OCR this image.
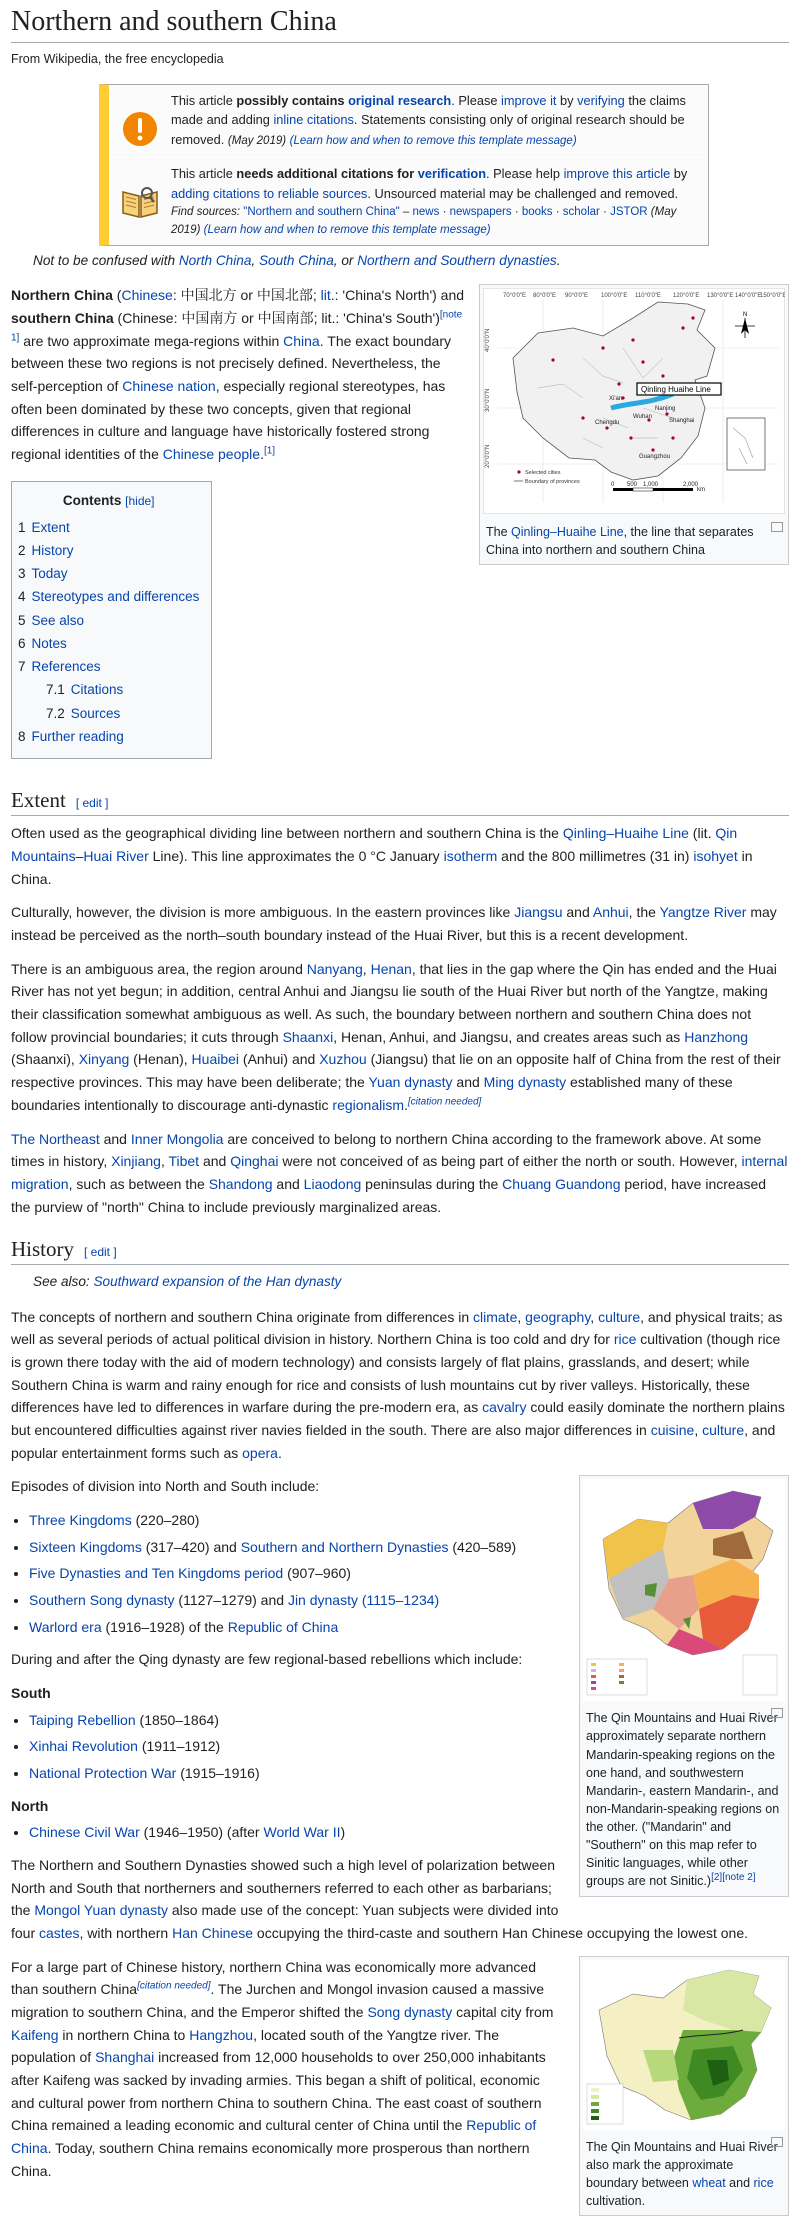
Northern and southern China
From Wikipedia, the free encyclopedia
This article possibly contains original research. Please improve it by verifying the claims made and adding inline citations. Statements consisting only of original research should be removed. (May 2019) (Learn how and when to remove this template message)
This article needs additional citations for verification. Please help improve this article by adding citations to reliable sources. Unsourced material may be challenged and removed.
Find sources: "Northern and southern China" – news · newspapers · books · scholar · JSTOR (May 2019) (Learn how and when to remove this template message)
Not to be confused with North China, South China, or Northern and Southern dynasties.
70°0'0"E 80°0'0"E 90°0'0"E 100°0'0"E 110°0'0"E 120°0'0"E 130°0'0"E 140°0'0"E
150°0'0"E
40°0'0"N
30°0'0"N
20°0'0"N
Qinling Huaihe Line
Nanjing
Shanghai
Chengdu
Wuhan
Guangzhou
Xi'an
N
Selected cities
Boundary of provinces	0 500 1,000	2,000
km
The Qinling–Huaihe Line, the line that separates China into northern and southern China

Northern China (Chinese: 中国北方 or 中国北部; lit.: 'China's North') and southern China (Chinese: 中国南方 or 中国南部; lit.: 'China's South')[note 1] are two approximate mega-regions within China. The exact boundary between these two regions is not precisely defined. Nevertheless, the self-perception of Chinese nation, especially regional stereotypes, has often been dominated by these two concepts, given that regional differences in culture and language have historically fostered strong regional identities of the Chinese people.[1]

Contents [hide]
1 Extent
2 History
3 Today
4 Stereotypes and differences
5 See also
6 Notes
7 References
7.1 Citations
7.2 Sources
8 Further reading
Extent [ edit ]

Often used as the geographical dividing line between northern and southern China is the Qinling–Huaihe Line (lit. Qin Mountains–Huai River Line). This line approximates the 0 °C January isotherm and the 800 millimetres (31 in) isohyet in China.

Culturally, however, the division is more ambiguous. In the eastern provinces like Jiangsu and Anhui, the Yangtze River may instead be perceived as the north–south boundary instead of the Huai River, but this is a recent development.

There is an ambiguous area, the region around Nanyang, Henan, that lies in the gap where the Qin has ended and the Huai River has not yet begun; in addition, central Anhui and Jiangsu lie south of the Huai River but north of the Yangtze, making their classification somewhat ambiguous as well. As such, the boundary between northern and southern China does not follow provincial boundaries; it cuts through Shaanxi, Henan, Anhui, and Jiangsu, and creates areas such as Hanzhong (Shaanxi), Xinyang (Henan), Huaibei (Anhui) and Xuzhou (Jiangsu) that lie on an opposite half of China from the rest of their respective provinces. This may have been deliberate; the Yuan dynasty and Ming dynasty established many of these boundaries intentionally to discourage anti-dynastic regionalism.[citation needed]

The Northeast and Inner Mongolia are conceived to belong to northern China according to the framework above. At some times in history, Xinjiang, Tibet and Qinghai were not conceived of as being part of either the north or south. However, internal migration, such as between the Shandong and Liaodong peninsulas during the Chuang Guandong period, have increased the purview of "north" China to include previously marginalized areas.

History [ edit ]
See also: Southward expansion of the Han dynasty

The concepts of northern and southern China originate from differences in climate, geography, culture, and physical traits; as well as several periods of actual political division in history. Northern China is too cold and dry for rice cultivation (though rice is grown there today with the aid of modern technology) and consists largely of flat plains, grasslands, and desert; while Southern China is warm and rainy enough for rice and consists of lush mountains cut by river valleys. Historically, these differences have led to differences in warfare during the pre-modern era, as cavalry could easily dominate the northern plains but encountered difficulties against river navies fielded in the south. There are also major differences in cuisine, culture, and popular entertainment forms such as opera.

The Qin Mountains and Huai River approximately separate northern Mandarin-speaking regions on the one hand, and southwestern Mandarin-, eastern Mandarin-, and non-Mandarin-speaking regions on the other. ("Mandarin" and "Southern" on this map refer to Sinitic languages, while other groups are not Sinitic.)[2][note 2]

Episodes of division into North and South include:

• Three Kingdoms (220–280)
• Sixteen Kingdoms (317–420) and Southern and Northern Dynasties (420–589)
• Five Dynasties and Ten Kingdoms period (907–960)
• Southern Song dynasty (1127–1279) and Jin dynasty (1115–1234)
• Warlord era (1916–1928) of the Republic of China

During and after the Qing dynasty are few regional-based rebellions which include:

South
• Taiping Rebellion (1850–1864)
• Xinhai Revolution (1911–1912)
• National Protection War (1915–1916)
North
• Chinese Civil War (1946–1950) (after World War II)

The Northern and Southern Dynasties showed such a high level of polarization between North and South that northerners and southerners referred to each other as barbarians; the Mongol Yuan dynasty also made use of the concept: Yuan subjects were divided into four castes, with northern Han Chinese occupying the third-caste and southern Han Chinese occupying the lowest one.

The Qin Mountains and Huai River also mark the approximate boundary between wheat and rice cultivation.

For a large part of Chinese history, northern China was economically more advanced than southern China[citation needed]. The Jurchen and Mongol invasion caused a massive migration to southern China, and the Emperor shifted the Song dynasty capital city from Kaifeng in northern China to Hangzhou, located south of the Yangtze river. The population of Shanghai increased from 12,000 households to over 250,000 inhabitants after Kaifeng was sacked by invading armies. This began a shift of political, economic and cultural power from northern China to southern China. The east coast of southern China remained a leading economic and cultural center of China until the Republic of China. Today, southern China remains economically more prosperous than northern China.
